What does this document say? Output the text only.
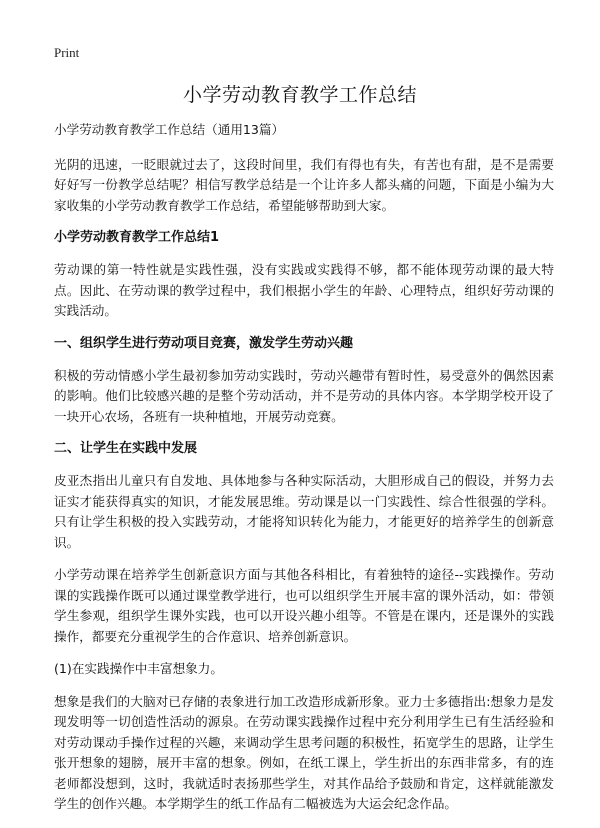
Print
小学劳动教育教学工作总结

小学劳动教育教学工作总结（通用13篇）

光阴的迅速，一眨眼就过去了，这段时间里，我们有得也有失，有苦也有甜，是不是需要好好写一份教学总结呢？相信写教学总结是一个让许多人都头痛的问题，下面是小编为大家收集的小学劳动教育教学工作总结，希望能够帮助到大家。

小学劳动教育教学工作总结1

劳动课的第一特性就是实践性强，没有实践或实践得不够，都不能体现劳动课的最大特点。因此、在劳动课的教学过程中，我们根据小学生的年龄、心理特点，组织好劳动课的实践活动。

一、组织学生进行劳动项目竞赛，激发学生劳动兴趣

积极的劳动情感小学生最初参加劳动实践时，劳动兴趣带有暂时性，易受意外的偶然因素的影响。他们比较感兴趣的是整个劳动活动，并不是劳动的具体内容。本学期学校开设了一块开心农场，各班有一块种植地，开展劳动竞赛。

二、让学生在实践中发展

皮亚杰指出儿童只有自发地、具体地参与各种实际活动，大胆形成自己的假设，并努力去证实才能获得真实的知识，才能发展思维。劳动课是以一门实践性、综合性很强的学科。只有让学生积极的投入实践劳动，才能将知识转化为能力，才能更好的培养学生的创新意识。

小学劳动课在培养学生创新意识方面与其他各科相比，有着独特的途径--实践操作。劳动课的实践操作既可以通过课堂教学进行，也可以组织学生开展丰富的课外活动，如：带领学生参观，组织学生课外实践，也可以开设兴趣小组等。不管是在课内，还是课外的实践操作，都要充分重视学生的合作意识、培养创新意识。

(1)在实践操作中丰富想象力。

想象是我们的大脑对已存储的表象进行加工改造形成新形象。亚力士多德指出:想象力是发现发明等一切创造性活动的源泉。在劳动课实践操作过程中充分利用学生已有生活经验和对劳动课动手操作过程的兴趣，来调动学生思考问题的积极性，拓宽学生的思路，让学生张开想象的翅膀，展开丰富的想象。例如，在纸工课上，学生折出的东西非常多，有的连老师都没想到，这时，我就适时表扬那些学生，对其作品给予鼓励和肯定，这样就能激发学生的创作兴趣。本学期学生的纸工作品有二幅被选为大运会纪念作品。
